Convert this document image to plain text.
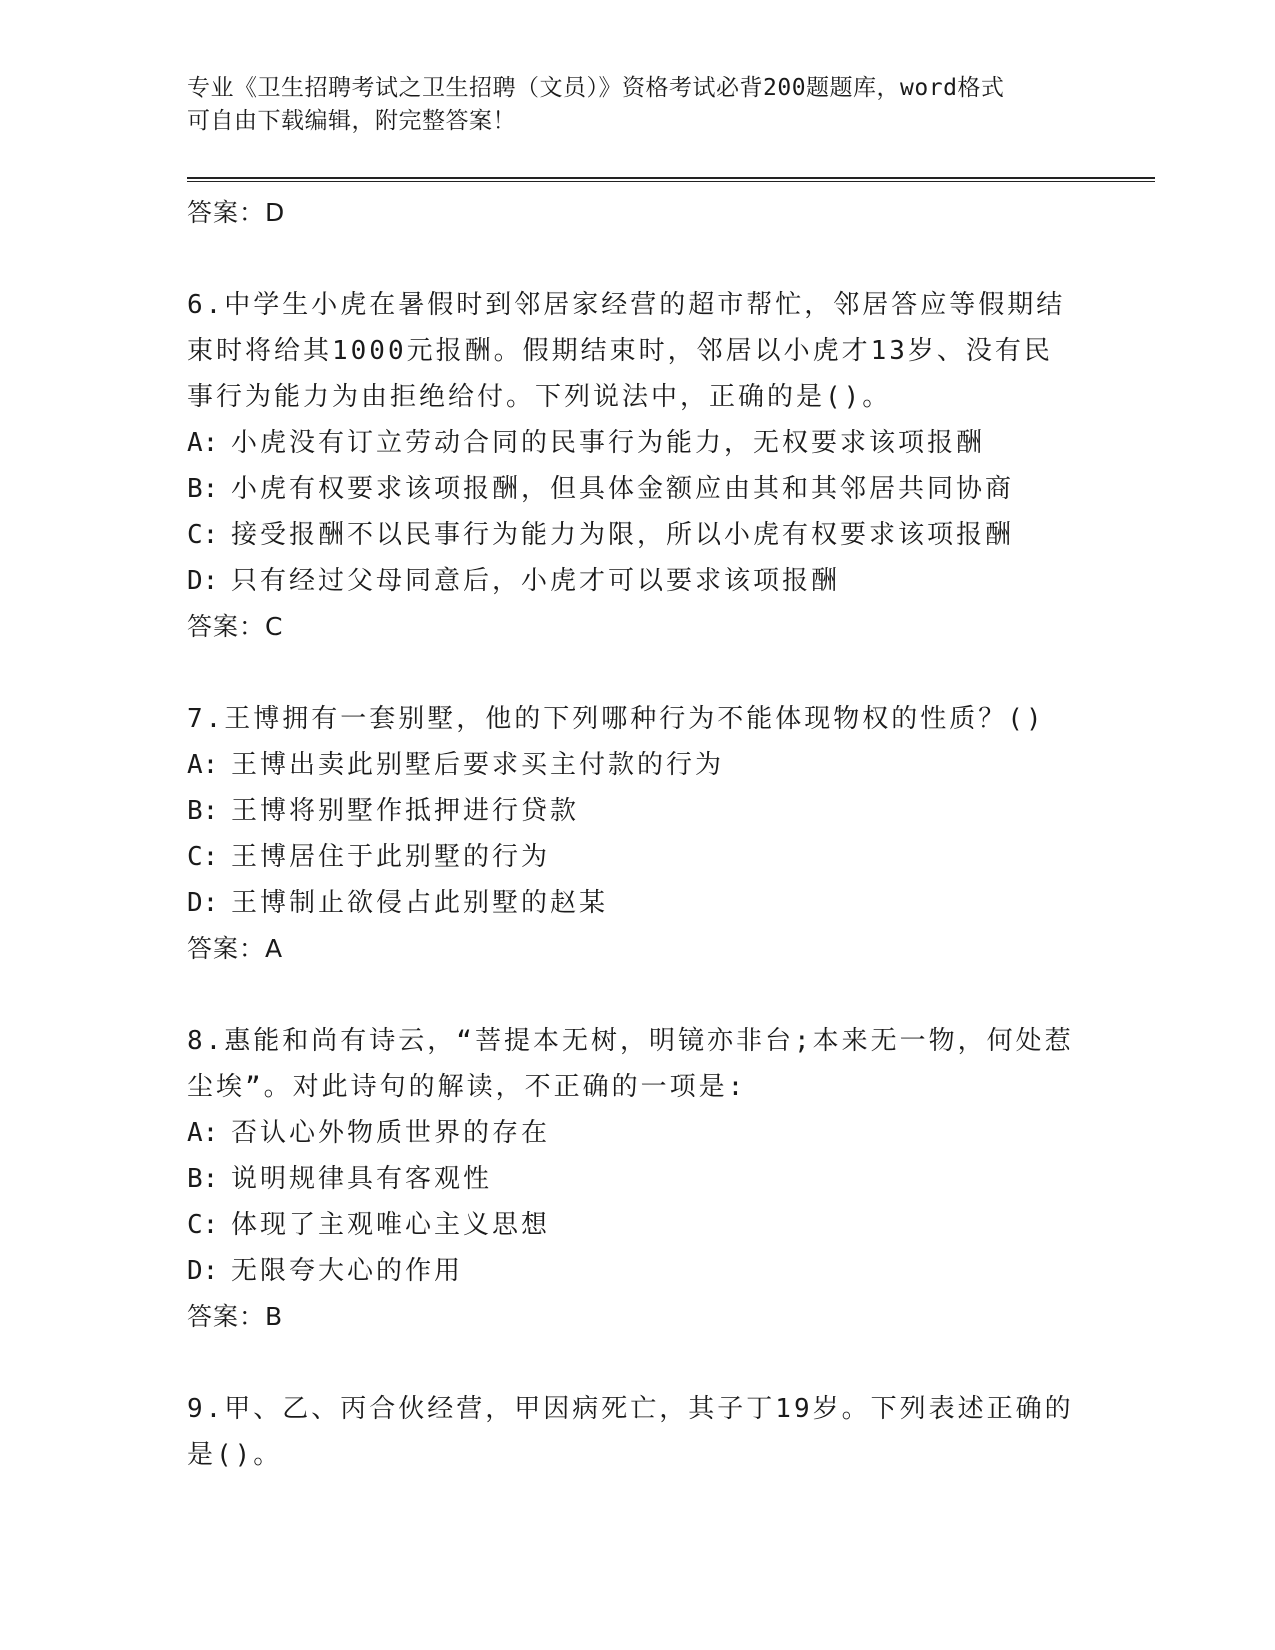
专业《卫生招聘考试之卫生招聘（文员）》资格考试必背200题题库，word格式
可自由下载编辑，附完整答案！
答案：D
6.中学生小虎在暑假时到邻居家经营的超市帮忙，邻居答应等假期结
束时将给其1000元报酬。假期结束时，邻居以小虎才13岁、没有民
事行为能力为由拒绝给付。下列说法中，正确的是()。
A: 小虎没有订立劳动合同的民事行为能力，无权要求该项报酬
B: 小虎有权要求该项报酬，但具体金额应由其和其邻居共同协商
C: 接受报酬不以民事行为能力为限，所以小虎有权要求该项报酬
D: 只有经过父母同意后，小虎才可以要求该项报酬
答案：C
7.王博拥有一套别墅，他的下列哪种行为不能体现物权的性质？()
A: 王博出卖此别墅后要求买主付款的行为
B: 王博将别墅作抵押进行贷款
C: 王博居住于此别墅的行为
D: 王博制止欲侵占此别墅的赵某
答案：A
8.惠能和尚有诗云，“菩提本无树，明镜亦非台;本来无一物，何处惹
尘埃”。对此诗句的解读，不正确的一项是:
A: 否认心外物质世界的存在
B: 说明规律具有客观性
C: 体现了主观唯心主义思想
D: 无限夸大心的作用
答案：B
9.甲、乙、丙合伙经营，甲因病死亡，其子丁19岁。下列表述正确的
是()。
